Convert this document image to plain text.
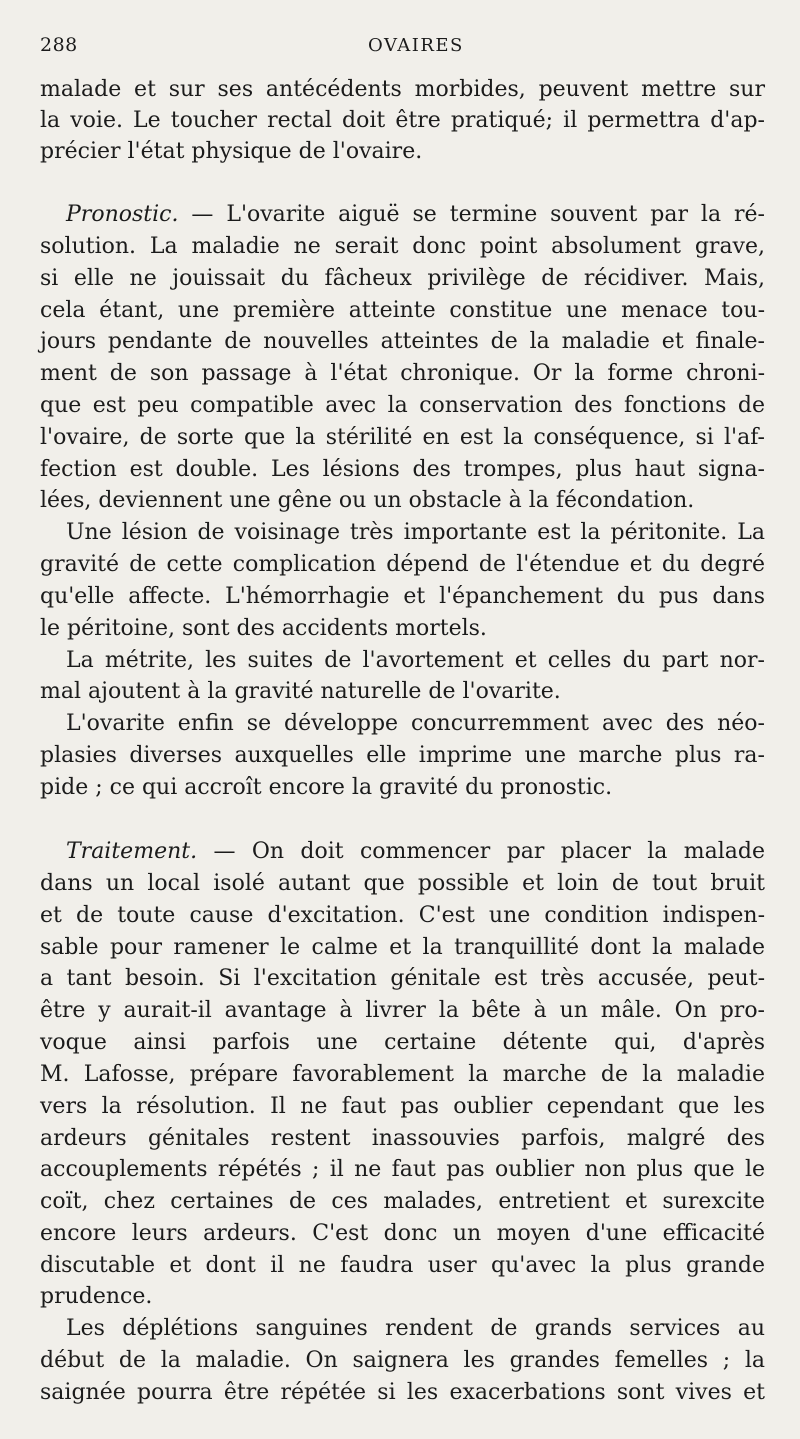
288	OVAIRES
malade et sur ses antécédents morbides, peuvent mettre sur
la voie. Le toucher rectal doit être pratiqué; il permettra d'ap-
précier l'état physique de l'ovaire.
Pronostic. — L'ovarite aiguë se termine souvent par la ré-
solution. La maladie ne serait donc point absolument grave,
si elle ne jouissait du fâcheux privilège de récidiver. Mais,
cela étant, une première atteinte constitue une menace tou-
jours pendante de nouvelles atteintes de la maladie et finale-
ment de son passage à l'état chronique. Or la forme chroni-
que est peu compatible avec la conservation des fonctions de
l'ovaire, de sorte que la stérilité en est la conséquence, si l'af-
fection est double. Les lésions des trompes, plus haut signa-
lées, deviennent une gêne ou un obstacle à la fécondation.
Une lésion de voisinage très importante est la péritonite. La
gravité de cette complication dépend de l'étendue et du degré
qu'elle affecte. L'hémorrhagie et l'épanchement du pus dans
le péritoine, sont des accidents mortels.
La métrite, les suites de l'avortement et celles du part nor-
mal ajoutent à la gravité naturelle de l'ovarite.
L'ovarite enfin se développe concurremment avec des néo-
plasies diverses auxquelles elle imprime une marche plus ra-
pide ; ce qui accroît encore la gravité du pronostic.
Traitement. — On doit commencer par placer la malade
dans un local isolé autant que possible et loin de tout bruit
et de toute cause d'excitation. C'est une condition indispen-
sable pour ramener le calme et la tranquillité dont la malade
a tant besoin. Si l'excitation génitale est très accusée, peut-
être y aurait-il avantage à livrer la bête à un mâle. On pro-
voque ainsi parfois une certaine détente qui, d'après
M. Lafosse, prépare favorablement la marche de la maladie
vers la résolution. Il ne faut pas oublier cependant que les
ardeurs génitales restent inassouvies parfois, malgré des
accouplements répétés ; il ne faut pas oublier non plus que le
coït, chez certaines de ces malades, entretient et surexcite
encore leurs ardeurs. C'est donc un moyen d'une efficacité
discutable et dont il ne faudra user qu'avec la plus grande
prudence.
Les déplétions sanguines rendent de grands services au
début de la maladie. On saignera les grandes femelles ; la
saignée pourra être répétée si les exacerbations sont vives et
